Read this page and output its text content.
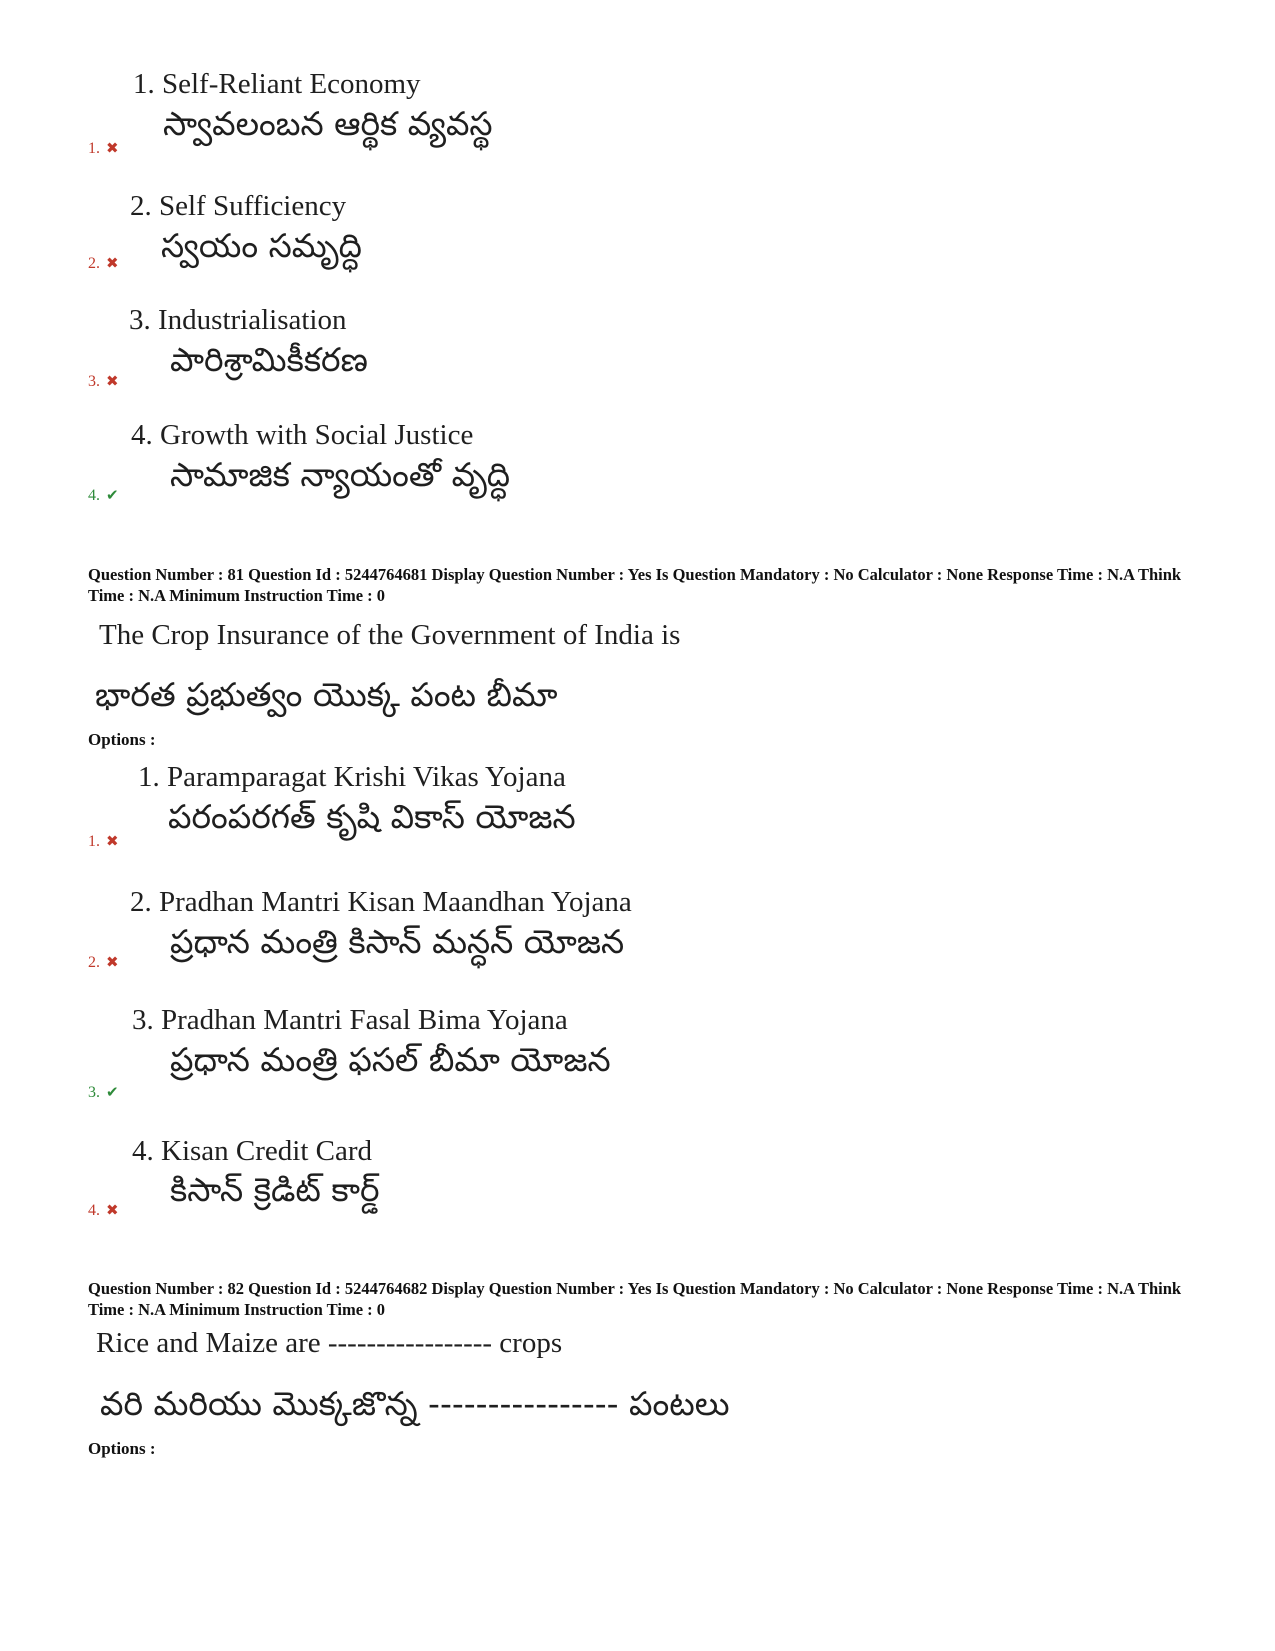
1. Self-Reliant Economy
స్వావలంబన ఆర్థిక వ్యవస్థ
1. ✖
2. Self Sufficiency
స్వయం సమృద్ధి
2. ✖
3. Industrialisation
పారిశ్రామికీకరణ
3. ✖
4. Growth with Social Justice
సామాజిక న్యాయంతో వృద్ధి
4. ✔
Question Number : 81 Question Id : 5244764681 Display Question Number : Yes Is Question Mandatory : No Calculator : None Response Time : N.A Think Time : N.A Minimum Instruction Time : 0
The Crop Insurance of the Government of India is
భారత ప్రభుత్వం యొక్క పంట బీమా
Options :
1. Paramparagat Krishi Vikas Yojana
పరంపరగత్ కృషి వికాస్ యోజన
1. ✖
2. Pradhan Mantri Kisan Maandhan Yojana
ప్రధాన మంత్రి కిసాన్ మన్ధన్ యోజన
2. ✖
3. Pradhan Mantri Fasal Bima Yojana
ప్రధాన మంత్రి ఫసల్ బీమా యోజన
3. ✔
4. Kisan Credit Card
కిసాన్ క్రెడిట్ కార్డ్
4. ✖
Question Number : 82 Question Id : 5244764682 Display Question Number : Yes Is Question Mandatory : No Calculator : None Response Time : N.A Think Time : N.A Minimum Instruction Time : 0
Rice and Maize are ----------------- crops
వరి మరియు మొక్కజొన్న ---------------- పంటలు
Options :
